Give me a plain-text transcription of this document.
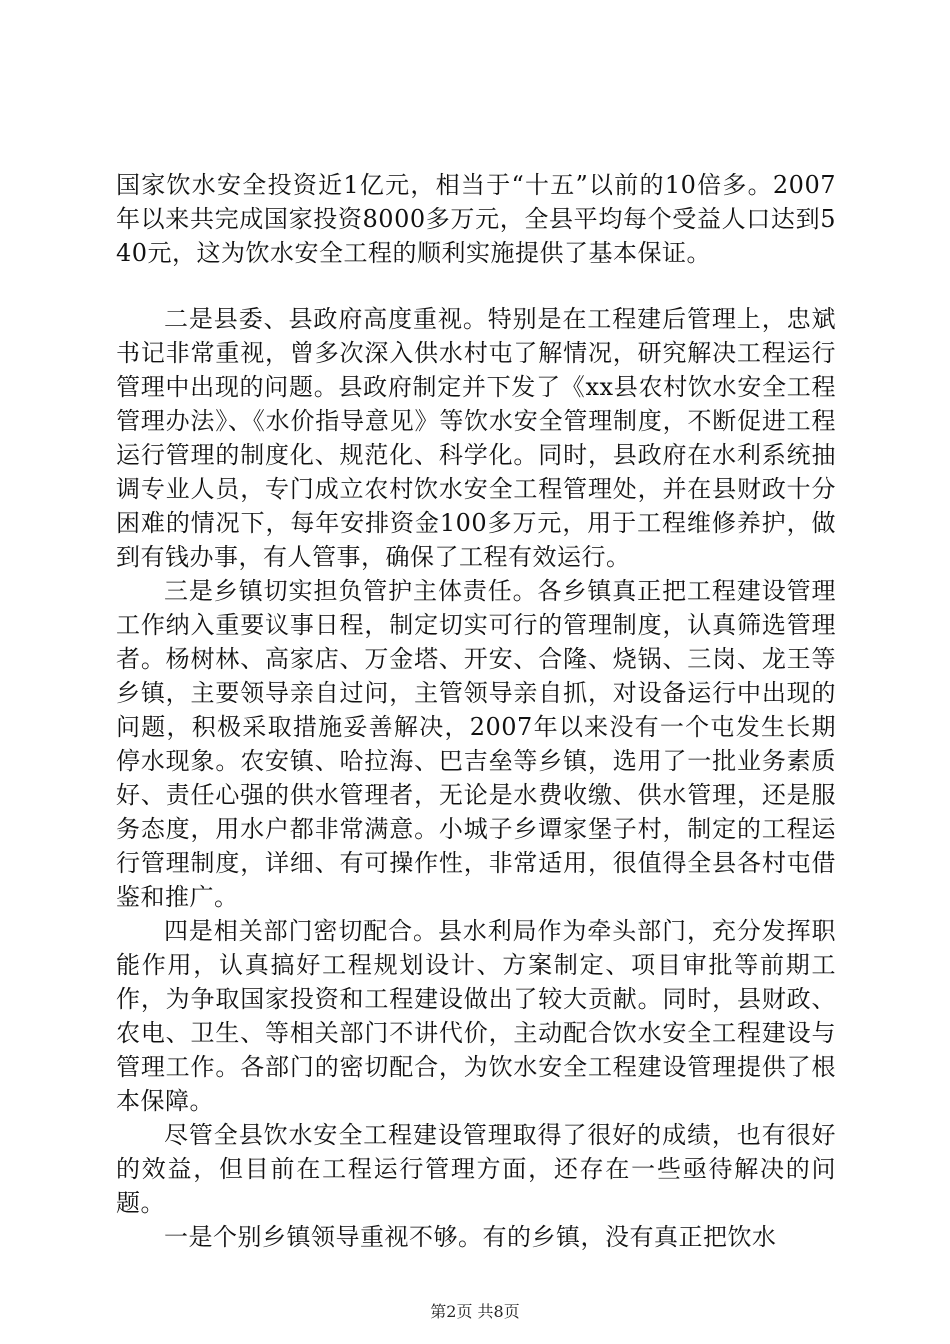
国家饮水安全投资近1亿元，相当于“十五”以前的10倍多。2007年以来共完成国家投资8000多万元，全县平均每个受益人口达到540元，这为饮水安全工程的顺利实施提供了基本保证。

二是县委、县政府高度重视。特别是在工程建后管理上，忠斌书记非常重视，曾多次深入供水村屯了解情况，研究解决工程运行管理中出现的问题。县政府制定并下发了《xx县农村饮水安全工程管理办法》、《水价指导意见》等饮水安全管理制度，不断促进工程运行管理的制度化、规范化、科学化。同时，县政府在水利系统抽调专业人员，专门成立农村饮水安全工程管理处，并在县财政十分困难的情况下，每年安排资金100多万元，用于工程维修养护，做到有钱办事，有人管事，确保了工程有效运行。

三是乡镇切实担负管护主体责任。各乡镇真正把工程建设管理工作纳入重要议事日程，制定切实可行的管理制度，认真筛选管理者。杨树林、高家店、万金塔、开安、合隆、烧锅、三岗、龙王等乡镇，主要领导亲自过问，主管领导亲自抓，对设备运行中出现的问题，积极采取措施妥善解决，2007年以来没有一个屯发生长期停水现象。农安镇、哈拉海、巴吉垒等乡镇，选用了一批业务素质好、责任心强的供水管理者，无论是水费收缴、供水管理，还是服务态度，用水户都非常满意。小城子乡谭家堡子村，制定的工程运行管理制度，详细、有可操作性，非常适用，很值得全县各村屯借鉴和推广。

四是相关部门密切配合。县水利局作为牵头部门，充分发挥职能作用，认真搞好工程规划设计、方案制定、项目审批等前期工作，为争取国家投资和工程建设做出了较大贡献。同时，县财政、农电、卫生、等相关部门不讲代价，主动配合饮水安全工程建设与管理工作。各部门的密切配合，为饮水安全工程建设管理提供了根本保障。

尽管全县饮水安全工程建设管理取得了很好的成绩，也有很好的效益，但目前在工程运行管理方面，还存在一些亟待解决的问题。

一是个别乡镇领导重视不够。有的乡镇，没有真正把饮水

第2页 共8页
